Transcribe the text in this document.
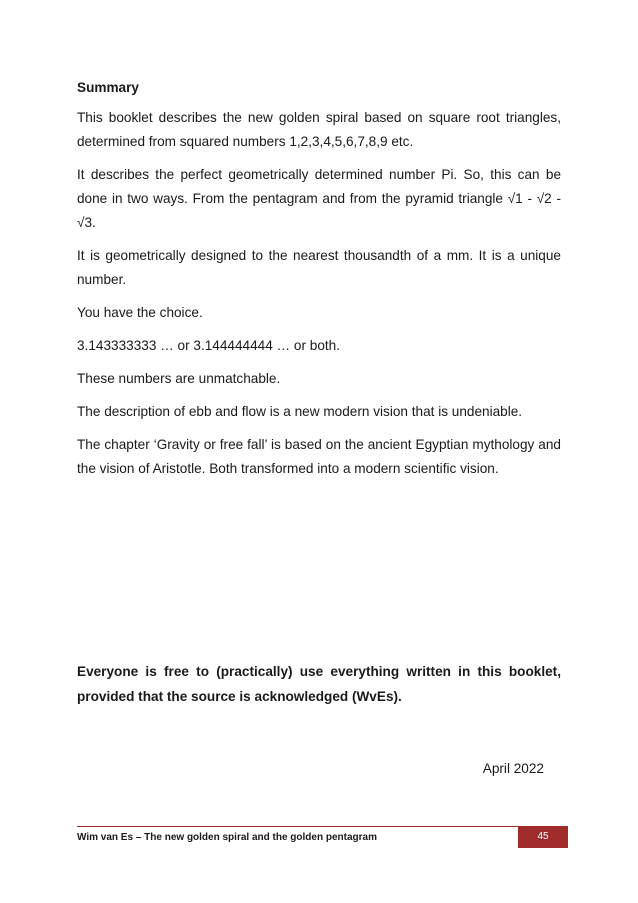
Summary

This booklet describes the new golden spiral based on square root triangles, determined from squared numbers 1,2,3,4,5,6,7,8,9 etc.

It describes the perfect geometrically determined number Pi. So, this can be done in two ways. From the pentagram and from the pyramid triangle √1 - √2 - √3.

It is geometrically designed to the nearest thousandth of a mm. It is a unique number.

You have the choice.

3.143333333 … or 3.144444444 … or both.

These numbers are unmatchable.

The description of ebb and flow is a new modern vision that is undeniable.

The chapter ‘Gravity or free fall’ is based on the ancient Egyptian mythology and the vision of Aristotle. Both transformed into a modern scientific vision.

Everyone is free to (practically) use everything written in this booklet, provided that the source is acknowledged (WvEs).
April 2022
Wim van Es – The new golden spiral and the golden pentagram	45
